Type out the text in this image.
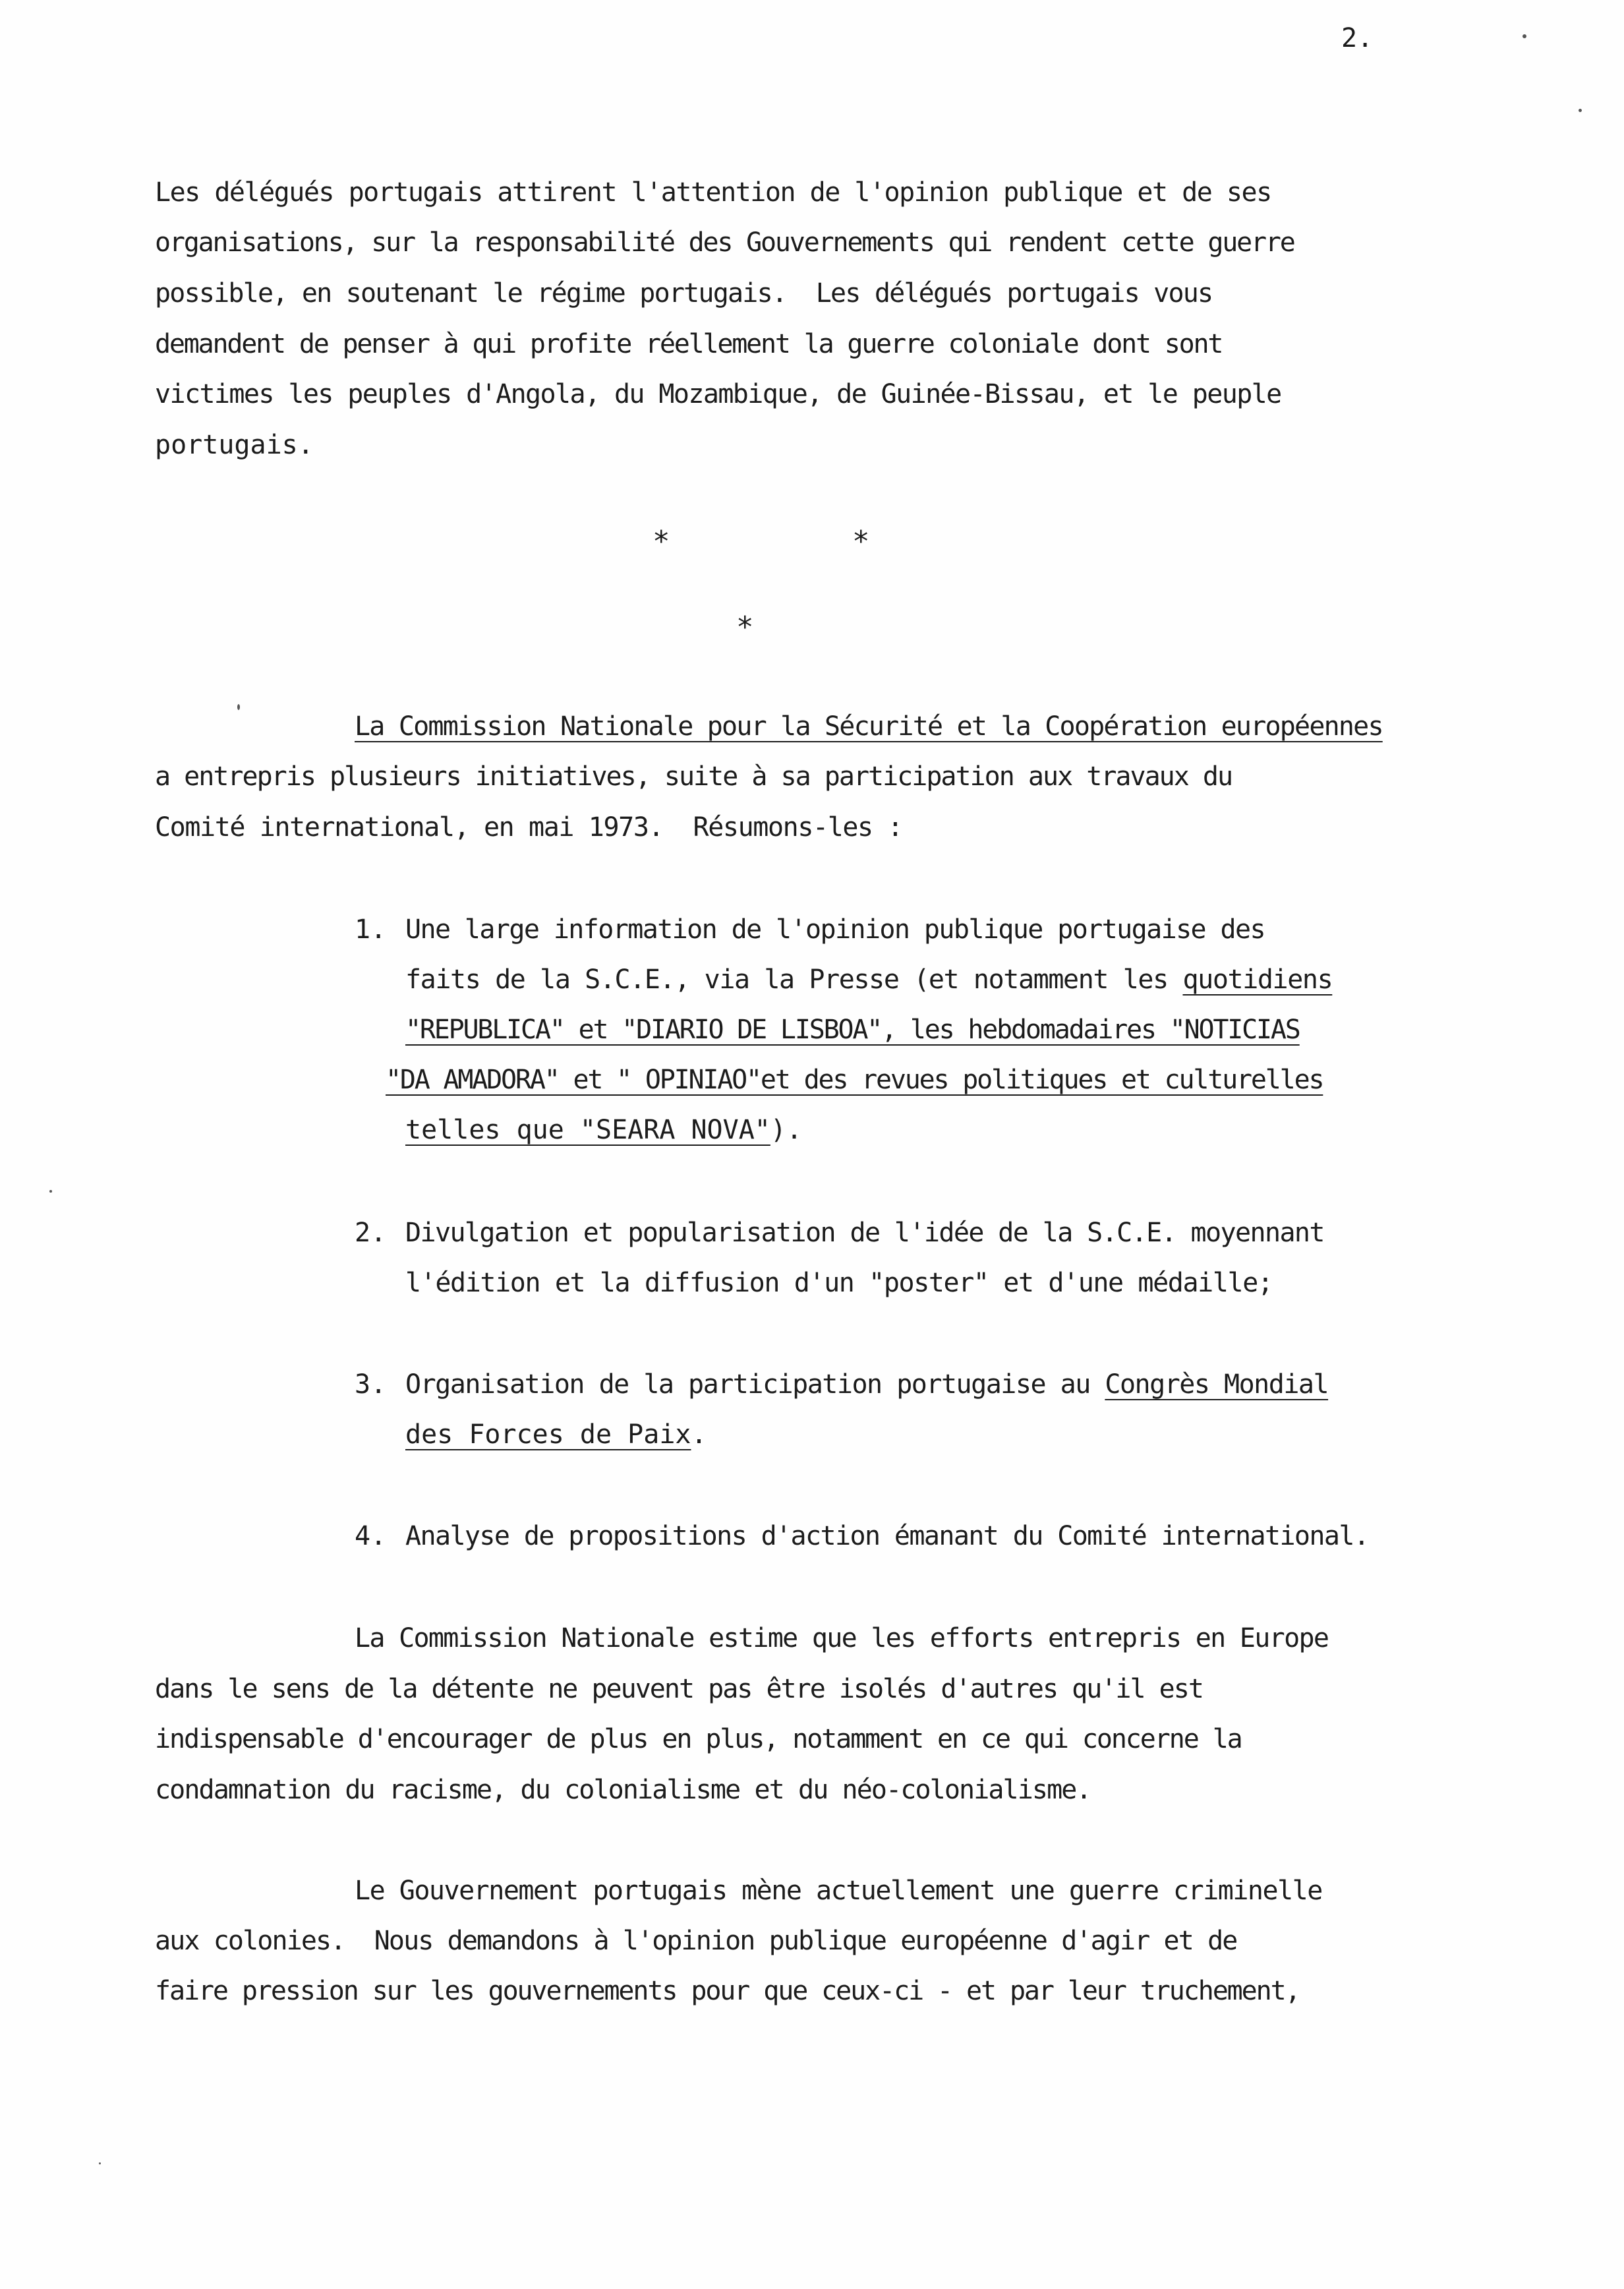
2.
Les délégués portugais attirent l'attention de l'opinion publique et de ses
organisations, sur la responsabilité des Gouvernements qui rendent cette guerre
possible, en soutenant le régime portugais.  Les délégués portugais vous
demandent de penser à qui profite réellement la guerre coloniale dont sont
victimes les peuples d'Angola, du Mozambique, de Guinée-Bissau, et le peuple
portugais.
*	*
*
La Commission Nationale pour la Sécurité et la Coopération européennes
a entrepris plusieurs initiatives, suite à sa participation aux travaux du
Comité international, en mai 1973.  Résumons-les :
1. Une large information de l'opinion publique portugaise des
faits de la S.C.E., via la Presse (et notamment les quotidiens
"REPUBLICA" et "DIARIO DE LISBOA", les hebdomadaires "NOTICIAS
"DA AMADORA" et " OPINIAO"et des revues politiques et culturelles
telles que "SEARA NOVA").
2. Divulgation et popularisation de l'idée de la S.C.E. moyennant
l'édition et la diffusion d'un "poster" et d'une médaille;
3. Organisation de la participation portugaise au Congrès Mondial
des Forces de Paix.
4. Analyse de propositions d'action émanant du Comité international.
La Commission Nationale estime que les efforts entrepris en Europe
dans le sens de la détente ne peuvent pas être isolés d'autres qu'il est
indispensable d'encourager de plus en plus, notamment en ce qui concerne la
condamnation du racisme, du colonialisme et du néo-colonialisme.
Le Gouvernement portugais mène actuellement une guerre criminelle
aux colonies.  Nous demandons à l'opinion publique européenne d'agir et de
faire pression sur les gouvernements pour que ceux-ci - et par leur truchement,
